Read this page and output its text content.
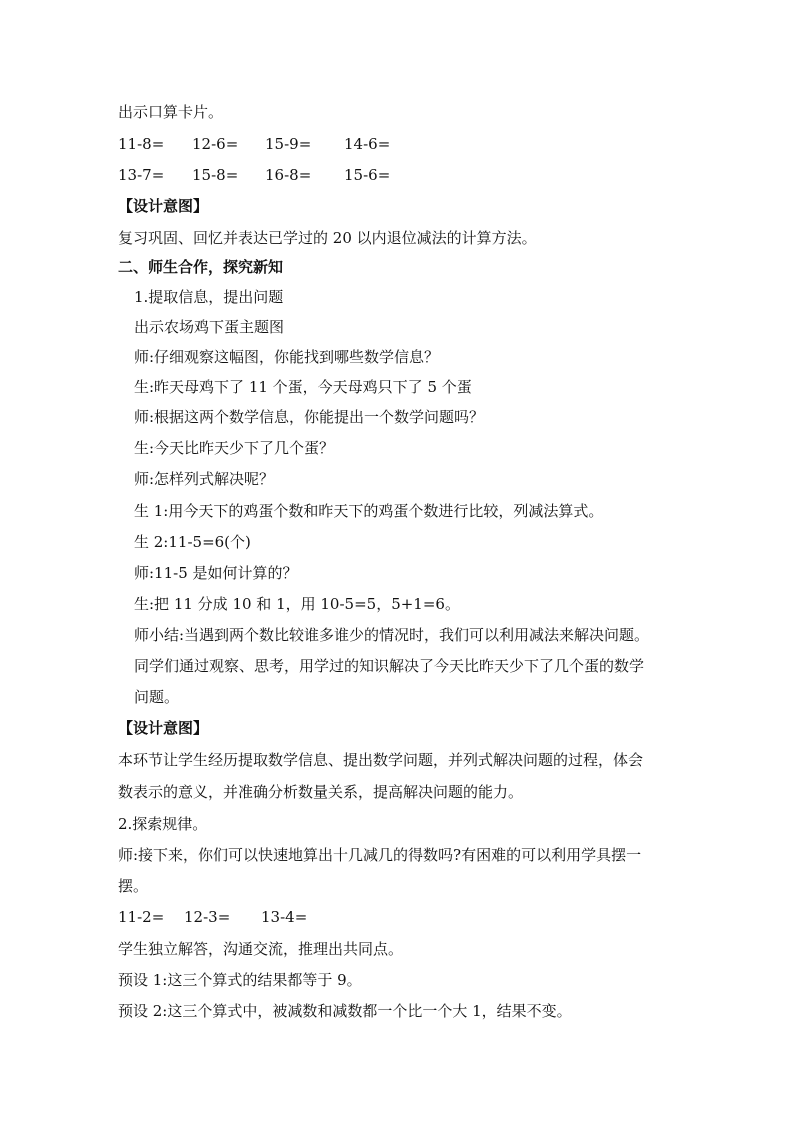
出示口算卡片。
11-8= 12-6= 15-9= 14-6=
13-7= 15-8= 16-8= 15-6=
【设计意图】
复习巩固、回忆并表达已学过的 20 以内退位减法的计算方法。
二、师生合作，探究新知
1.提取信息，提出问题
出示农场鸡下蛋主题图
师:仔细观察这幅图，你能找到哪些数学信息？
生:昨天母鸡下了 11 个蛋，今天母鸡只下了 5 个蛋
师:根据这两个数学信息，你能提出一个数学问题吗？
生:今天比昨天少下了几个蛋？
师:怎样列式解决呢？
生 1:用今天下的鸡蛋个数和昨天下的鸡蛋个数进行比较，列减法算式。
生 2:11-5=6(个)
师:11-5 是如何计算的？
生:把 11 分成 10 和 1，用 10-5=5，5+1=6。
师小结:当遇到两个数比较谁多谁少的情况时，我们可以利用减法来解决问题。
同学们通过观察、思考，用学过的知识解决了今天比昨天少下了几个蛋的数学
问题。
【设计意图】
本环节让学生经历提取数学信息、提出数学问题，并列式解决问题的过程，体会
数表示的意义，并准确分析数量关系，提高解决问题的能力。
2.探索规律。
师:接下来，你们可以快速地算出十几减几的得数吗?有困难的可以利用学具摆一
摆。
11-2= 12-3= 13-4=
学生独立解答，沟通交流，推理出共同点。
预设 1:这三个算式的结果都等于 9。
预设 2:这三个算式中，被减数和减数都一个比一个大 1，结果不变。
